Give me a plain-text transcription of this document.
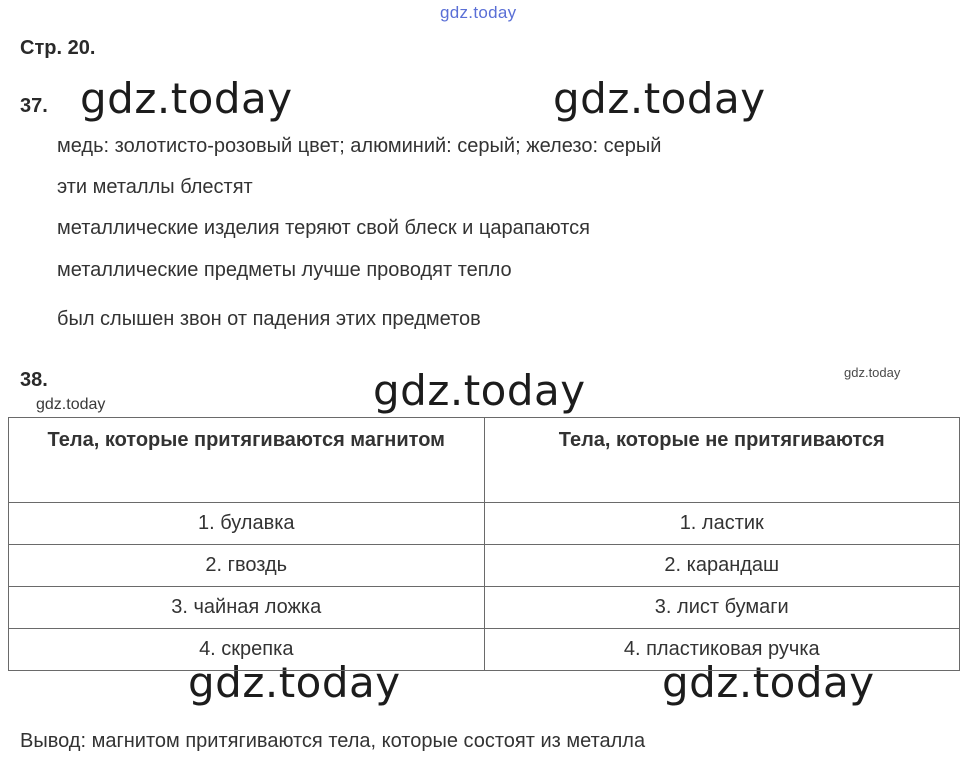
gdz.today
gdz.today	gdz.today
gdz.today
gdz.today	gdz.today
gdz.today
gdz.today
Стр. 20.
37.
медь: золотисто-розовый цвет; алюминий: серый; железо: серый
эти металлы блестят
металлические изделия теряют свой блеск и царапаются
металлические предметы лучше проводят тепло
был слышен звон от падения этих предметов
38.
Тела, которые притягиваются магнитом	Тела, которые не притягиваются
1. булавка	1. ластик
2. гвоздь	2. карандаш
3. чайная ложка	3. лист бумаги
4. скрепка	4. пластиковая ручка
Вывод: магнитом притягиваются тела, которые состоят из металла
